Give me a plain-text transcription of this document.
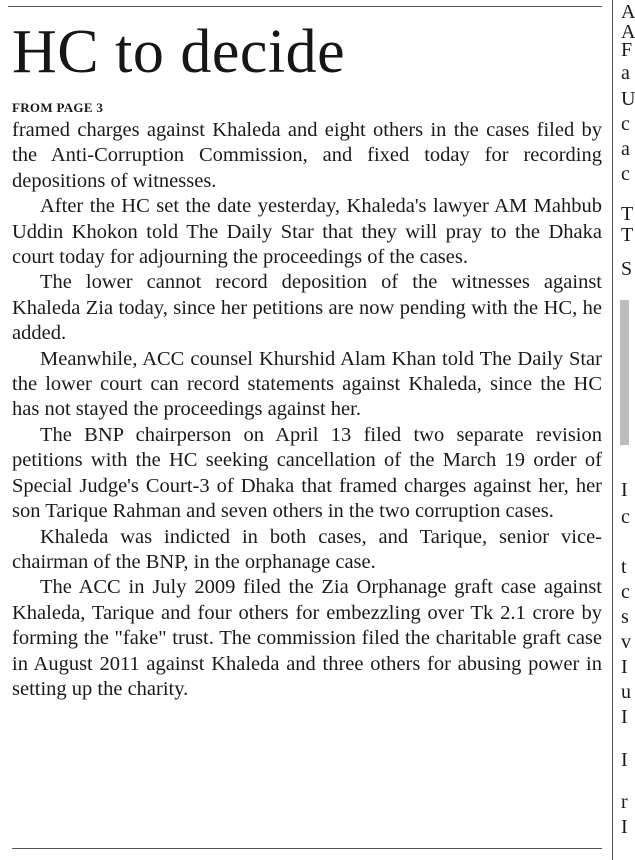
HC to decide
FROM PAGE 3

framed charges against Khaleda and eight others in the cases filed by the Anti-Corruption Commission, and fixed today for recording depositions of witnesses.

After the HC set the date yesterday, Khaleda's lawyer AM Mahbub Uddin Khokon told The Daily Star that they will pray to the Dhaka court today for adjourning the proceedings of the cases.

The lower cannot record deposition of the witnesses against Khaleda Zia today, since her petitions are now pending with the HC, he added.

Meanwhile, ACC counsel Khurshid Alam Khan told The Daily Star the lower court can record statements against Khaleda, since the HC has not stayed the proceedings against her.

The BNP chairperson on April 13 filed two separate revision petitions with the HC seeking cancellation of the March 19 order of Special Judge's Court-3 of Dhaka that framed charges against her, her son Tarique Rahman and seven others in the two corruption cases.

Khaleda was indicted in both cases, and Tarique, senior vice-chairman of the BNP, in the orphanage case.

The ACC in July 2009 filed the Zia Orphanage graft case against Khaleda, Tarique and four others for embezzling over Tk 2.1 crore by forming the "fake" trust. The commission filed the charitable graft case in August 2011 against Khaleda and three others for abusing power in setting up the charity.

A
A
F
a
U
c
a
c
T
T
S
I
c
t
c
s
v
I
u
I
I
r
I
